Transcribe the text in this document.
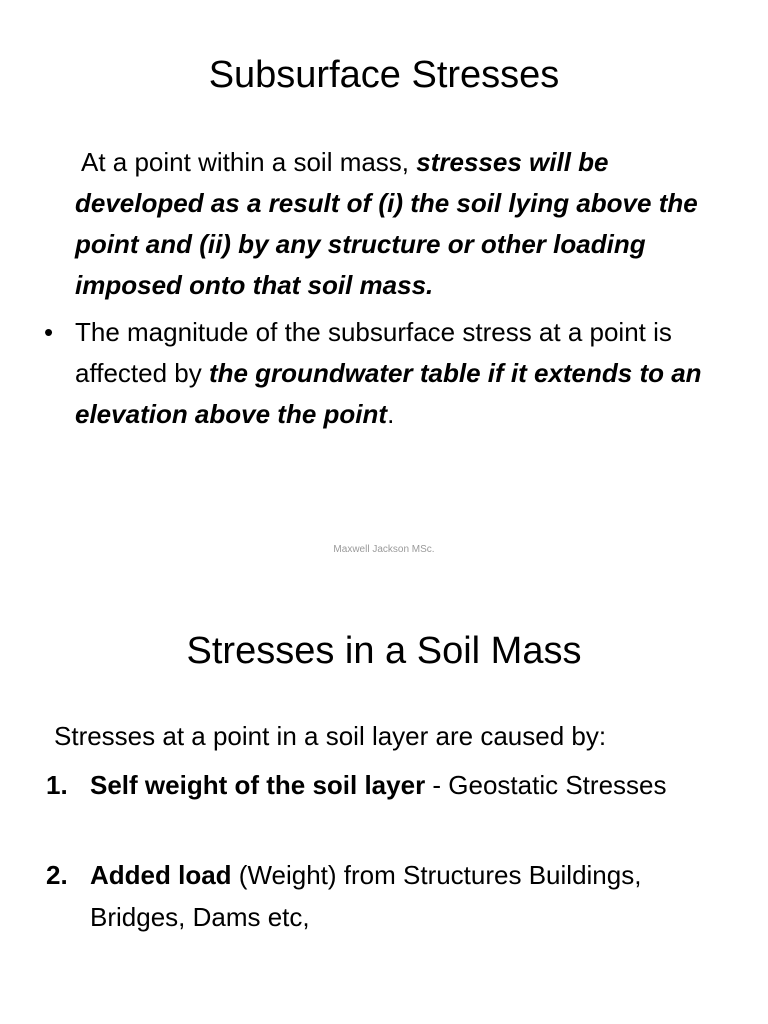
Subsurface Stresses

At a point within a soil mass, stresses will be developed as a result of (i) the soil lying above the point and (ii) by any structure or other loading imposed onto that soil mass.

• The magnitude of the subsurface stress at a point is affected by the groundwater table if it extends to an elevation above the point.

Maxwell Jackson MSc.
Stresses in a Soil Mass

Stresses at a point in a soil layer are caused by:

1. Self weight of the soil layer - Geostatic Stresses

2. Added load (Weight) from Structures Buildings, Bridges, Dams etc,
